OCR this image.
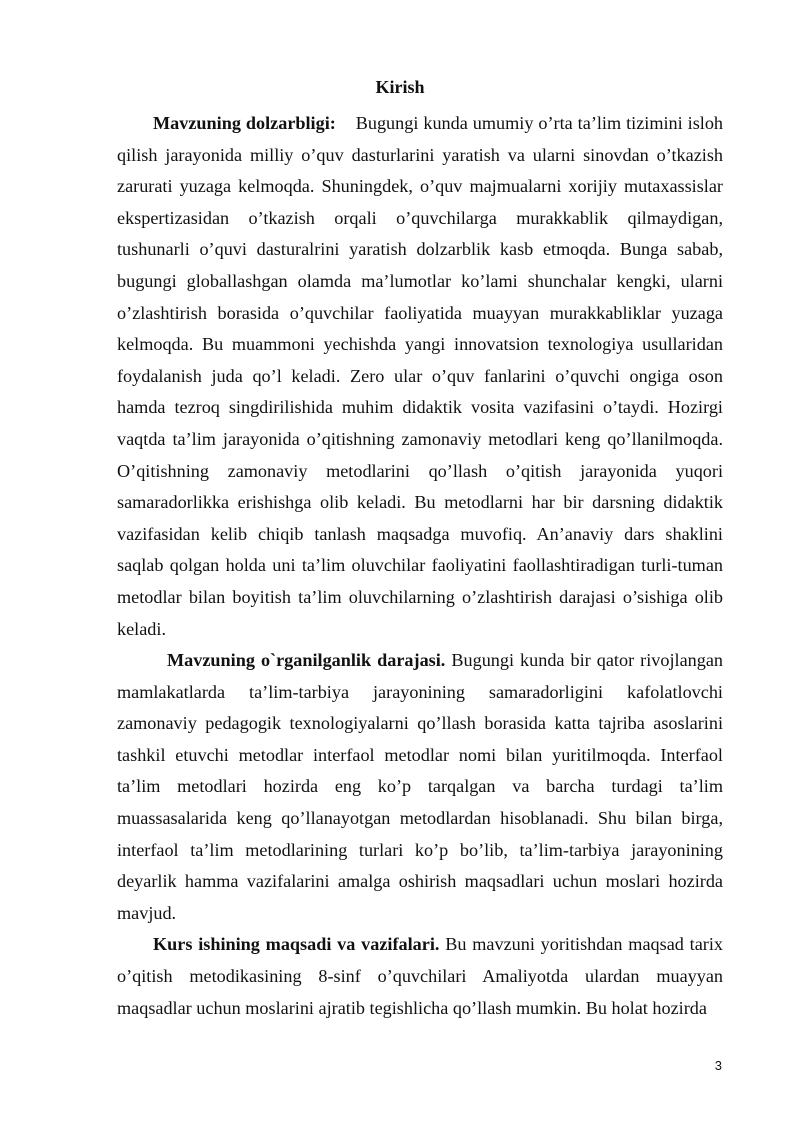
Kirish

Mavzuning dolzarbligi: Bugungi kunda umumiy o’rta ta’lim tizimini isloh qilish jarayonida milliy o’quv dasturlarini yaratish va ularni sinovdan o’tkazish zarurati yuzaga kelmoqda. Shuningdek, o’quv majmualarni xorijiy mutaxassislar ekspertizasidan o’tkazish orqali o’quvchilarga murakkablik qilmaydigan, tushunarli o’quvi dasturalrini yaratish dolzarblik kasb etmoqda. Bunga sabab, bugungi globallashgan olamda ma’lumotlar ko’lami shunchalar kengki, ularni o’zlashtirish borasida o’quvchilar faoliyatida muayyan murakkabliklar yuzaga kelmoqda. Bu muammoni yechishda yangi innovatsion texnologiya usullaridan foydalanish juda qo’l keladi. Zero ular o’quv fanlarini o’quvchi ongiga oson hamda tezroq singdirilishida muhim didaktik vosita vazifasini o’taydi. Hozirgi vaqtda ta’lim jarayonida o’qitishning zamonaviy metodlari keng qo’llanilmoqda. O’qitishning zamonaviy metodlarini qo’llash o’qitish jarayonida yuqori samaradorlikka erishishga olib keladi. Bu metodlarni har bir darsning didaktik vazifasidan kelib chiqib tanlash maqsadga muvofiq. An’anaviy dars shaklini saqlab qolgan holda uni ta’lim oluvchilar faoliyatini faollashtiradigan turli-tuman metodlar bilan boyitish ta’lim oluvchilarning o’zlashtirish darajasi o’sishiga olib keladi.

Mavzuning o`rganilganlik darajasi. Bugungi kunda bir qator rivojlangan mamlakatlarda ta’lim-tarbiya jarayonining samaradorligini kafolatlovchi zamonaviy pedagogik texnologiyalarni qo’llash borasida katta tajriba asoslarini tashkil etuvchi metodlar interfaol metodlar nomi bilan yuritilmoqda. Interfaol ta’lim metodlari hozirda eng ko’p tarqalgan va barcha turdagi ta’lim muassasalarida keng qo’llanayotgan metodlardan hisoblanadi. Shu bilan birga, interfaol ta’lim metodlarining turlari ko’p bo’lib, ta’lim-tarbiya jarayonining deyarlik hamma vazifalarini amalga oshirish maqsadlari uchun moslari hozirda mavjud.

Kurs ishining maqsadi va vazifalari. Bu mavzuni yoritishdan maqsad tarix o’qitish metodikasining 8-sinf o’quvchilari Amaliyotda ulardan muayyan maqsadlar uchun moslarini ajratib tegishlicha qo’llash mumkin. Bu holat hozirda

3
